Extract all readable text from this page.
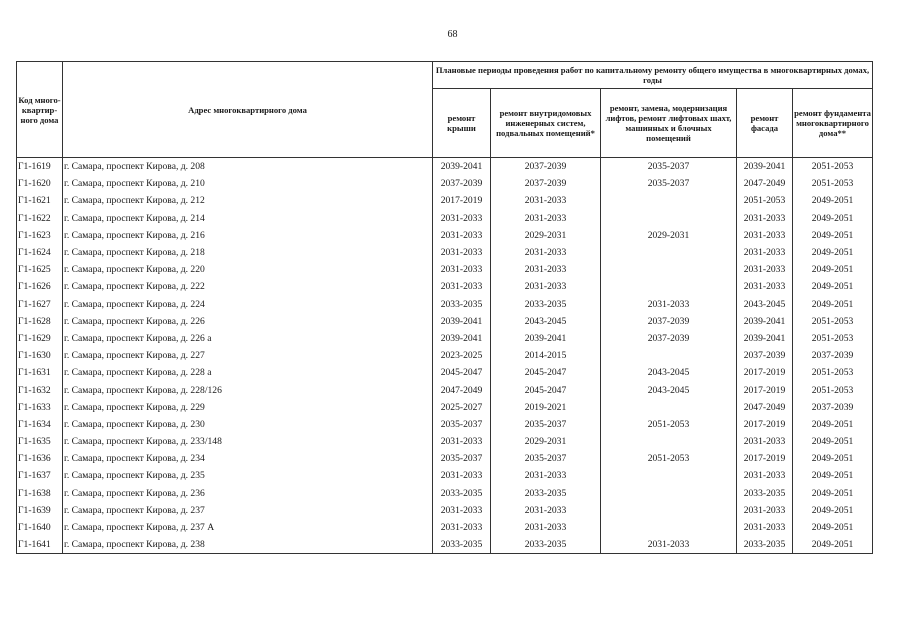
68
Код много-квартир-ного дома	Адрес многоквартирного дома	Плановые периоды проведения работ по капитальному ремонту общего имущества в многоквартирных домах, годы				
		ремонт крыши	ремонт внутридомовых инженерных систем, подвальных помещений*	ремонт, замена, модернизация лифтов, ремонт лифтовых шахт, машинных и блочных помещений	ремонт фасада	ремонт фундамента многоквартирного дома**
Г1-1619	г. Самара, проспект Кирова, д. 208	2039-2041	2037-2039	2035-2037	2039-2041	2051-2053
Г1-1620	г. Самара, проспект Кирова, д. 210	2037-2039	2037-2039	2035-2037	2047-2049	2051-2053
Г1-1621	г. Самара, проспект Кирова, д. 212	2017-2019	2031-2033		2051-2053	2049-2051
Г1-1622	г. Самара, проспект Кирова, д. 214	2031-2033	2031-2033		2031-2033	2049-2051
Г1-1623	г. Самара, проспект Кирова, д. 216	2031-2033	2029-2031	2029-2031	2031-2033	2049-2051
Г1-1624	г. Самара, проспект Кирова, д. 218	2031-2033	2031-2033		2031-2033	2049-2051
Г1-1625	г. Самара, проспект Кирова, д. 220	2031-2033	2031-2033		2031-2033	2049-2051
Г1-1626	г. Самара, проспект Кирова, д. 222	2031-2033	2031-2033		2031-2033	2049-2051
Г1-1627	г. Самара, проспект Кирова, д. 224	2033-2035	2033-2035	2031-2033	2043-2045	2049-2051
Г1-1628	г. Самара, проспект Кирова, д. 226	2039-2041	2043-2045	2037-2039	2039-2041	2051-2053
Г1-1629	г. Самара, проспект Кирова, д. 226 а	2039-2041	2039-2041	2037-2039	2039-2041	2051-2053
Г1-1630	г. Самара, проспект Кирова, д. 227	2023-2025	2014-2015		2037-2039	2037-2039
Г1-1631	г. Самара, проспект Кирова, д. 228 а	2045-2047	2045-2047	2043-2045	2017-2019	2051-2053
Г1-1632	г. Самара, проспект Кирова, д. 228/126	2047-2049	2045-2047	2043-2045	2017-2019	2051-2053
Г1-1633	г. Самара, проспект Кирова, д. 229	2025-2027	2019-2021		2047-2049	2037-2039
Г1-1634	г. Самара, проспект Кирова, д. 230	2035-2037	2035-2037	2051-2053	2017-2019	2049-2051
Г1-1635	г. Самара, проспект Кирова, д. 233/148	2031-2033	2029-2031		2031-2033	2049-2051
Г1-1636	г. Самара, проспект Кирова, д. 234	2035-2037	2035-2037	2051-2053	2017-2019	2049-2051
Г1-1637	г. Самара, проспект Кирова, д. 235	2031-2033	2031-2033		2031-2033	2049-2051
Г1-1638	г. Самара, проспект Кирова, д. 236	2033-2035	2033-2035		2033-2035	2049-2051
Г1-1639	г. Самара, проспект Кирова, д. 237	2031-2033	2031-2033		2031-2033	2049-2051
Г1-1640	г. Самара, проспект Кирова, д. 237 А	2031-2033	2031-2033		2031-2033	2049-2051
Г1-1641	г. Самара, проспект Кирова, д. 238	2033-2035	2033-2035	2031-2033	2033-2035	2049-2051
